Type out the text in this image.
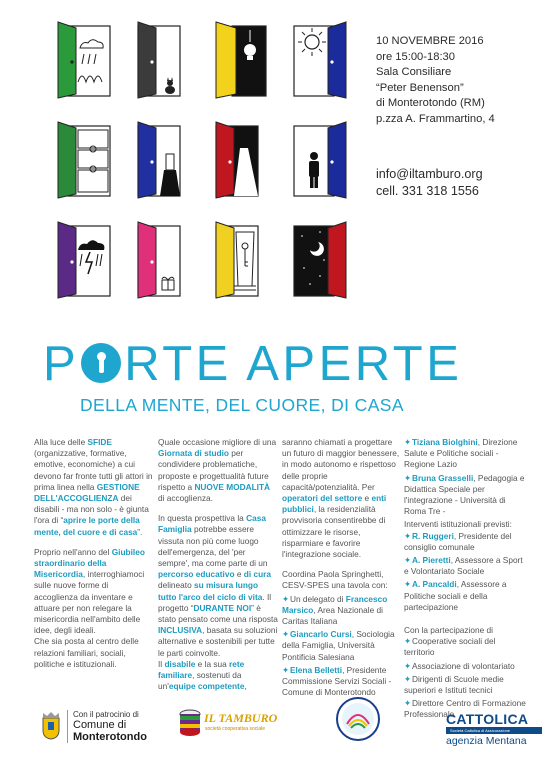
10 NOVEMBRE 2016
ore 15:00-18:30
Sala Consiliare
“Peter Benenson”
di Monterotondo (RM)
p.zza A. Frammartino, 4
info@iltamburo.org
cell. 331 318 1556
P RTE APERTE
DELLA MENTE, DEL CUORE, DI CASA

Alla luce delle SFIDE (organizzative, formative, emotive, economiche) a cui devono far fronte tutti gli attori in prima linea nella GESTIONE DELL'ACCOGLIENZA dei disabili - ma non solo - è giunta l'ora di “aprire le porte della mente, del cuore e di casa”.

Proprio nell'anno del Giubileo straordinario della Misericordia, interroghiamoci sulle nuove forme di accoglienza da inventare e attuare per non relegare la misericordia nell'ambito delle idee, degli ideali.
Che sia posta al centro delle relazioni familiari, sociali, politiche e istituzionali.

Quale occasione migliore di una Giornata di studio per condividere problematiche, proposte e progettualità future rispetto a NUOVE MODALITÀ di accoglienza.

In questa prospettiva la Casa Famiglia potrebbe essere vissuta non più come luogo dell'emergenza, del 'per sempre', ma come parte di un percorso educativo e di cura delineato su misura lungo tutto l'arco del ciclo di vita. Il progetto “DURANTE NOI” è stato pensato come una risposta INCLUSIVA, basata su soluzioni alternative e sostenibili per tutte le parti coinvolte.
Il disabile e la sua rete familiare, sostenuti da un'equipe competente,

saranno chiamati a progettare un futuro di maggior benessere, in modo autonomo e rispettoso delle proprie capacità/potenzialità. Per operatori del settore e enti pubblici, la residenzialità provvisoria consentirebbe di ottimizzare le risorse, risparmiare e favorire l'integrazione sociale.

Coordina Paola Springhetti, CESV-SPES una tavola con:

✦ Un delegato di Francesco Marsico, Area Nazionale di Caritas Italiana
✦ Giancarlo Cursi, Sociologia della Famiglia, Università Pontificia Salesiana
✦ Elena Belletti, Presidente Commissione Servizi Sociali - Comune di Monterotondo
✦ Tiziana Biolghini, Direzione Salute e Politiche sociali - Regione Lazio
✦ Bruna Grasselli, Pedagogia e Didattica Speciale per l'integrazione - Università di Roma Tre -
Interventi istituzionali previsti:
✦ R. Ruggeri, Presidente del consiglio comunale
✦ A. Pieretti, Assessore a Sport e Volontariato Sociale
✦ A. Pancaldi, Assessore a Politiche sociali e della partecipazione
Con la partecipazione di
✦ Cooperative sociali del territorio
✦ Associazione di volontariato
✦ Dirigenti di Scuole medie superiori e Istituti tecnici
✦ Direttore Centro di Formazione Professionale
Con il patrocinio di
Comune di
Monterotondo
IL TAMBURO
società cooperativa sociale
CATTOLICA
Società Cattolica di Assicurazione
agenzia Mentana
